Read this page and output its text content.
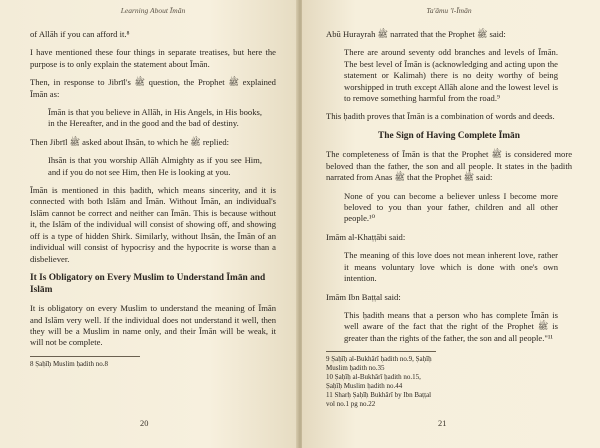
Learning About Īmān

of Allāh if you can afford it.⁸

I have mentioned these four things in separate treatises, but here the purpose is to only explain the statement about Īmān.

Then, in response to Jibrīl's ﷺ question, the Prophet ﷺ explained Īmān as:

Īmān is that you believe in Allāh, in His Angels, in His books, in the Hereafter, and in the good and the bad of destiny.

Then Jibrīl ﷺ asked about Ihsān, to which he ﷺ replied:

Ihsān is that you worship Allāh Almighty as if you see Him, and if you do not see Him, then He is looking at you.

Īmān is mentioned in this ḥadith, which means sincerity, and it is connected with both Islām and Īmān. Without Īmān, an individual's Islām cannot be correct and neither can Īmān. This is because without it, the Islām of the individual will consist of showing off, and showing off is a type of hidden Shirk. Similarly, without Ihsān, the Īmān of an individual will consist of hypocrisy and the hypocrite is worse than a disbeliever.

It Is Obligatory on Every Muslim to Understand Īmān and Islām

It is obligatory on every Muslim to understand the meaning of Īmān and Islām very well. If the individual does not understand it well, then they will be a Muslim in name only, and their Īmān will be weak, it will not be complete.

8 Ṣaḥīḥ Muslim ḥadith no.8

20
Ta'āmu 'l-Īmān

Abū Hurayrah ﷺ narrated that the Prophet ﷺ said:

There are around seventy odd branches and levels of Īmān. The best level of Īmān is (acknowledging and acting upon the statement or Kalimah) there is no deity worthy of being worshipped in truth except Allāh alone and the lowest level is to remove something harmful from the road.⁹

This ḥadith proves that Īmān is a combination of words and deeds.

The Sign of Having Complete Īmān

The completeness of Īmān is that the Prophet ﷺ is considered more beloved than the father, the son and all people. It states in the ḥadith narrated from Anas ﷺ that the Prophet ﷺ said:

None of you can become a believer unless I become more beloved to you than your father, children and all other people.¹⁰

Imām al-Khaṭṭābi said:

The meaning of this love does not mean inherent love, rather it means voluntary love which is done with one's own intention.

Imām Ibn Baṭṭal said:

This ḥadith means that a person who has complete Īmān is well aware of the fact that the right of the Prophet ﷺ is greater than the rights of the father, the son and all people."¹¹

9 Ṣaḥīḥ al-Bukhārī ḥadith no.9, Ṣaḥīḥ Muslim ḥadith no.35

10 Ṣaḥīḥ al-Bukhārī ḥadith no.15, Ṣaḥīḥ Muslim ḥadith no.44

11 Sharḥ Ṣaḥīḥ Bukhārī by Ibn Baṭṭal vol no.1 pg no.22

21
